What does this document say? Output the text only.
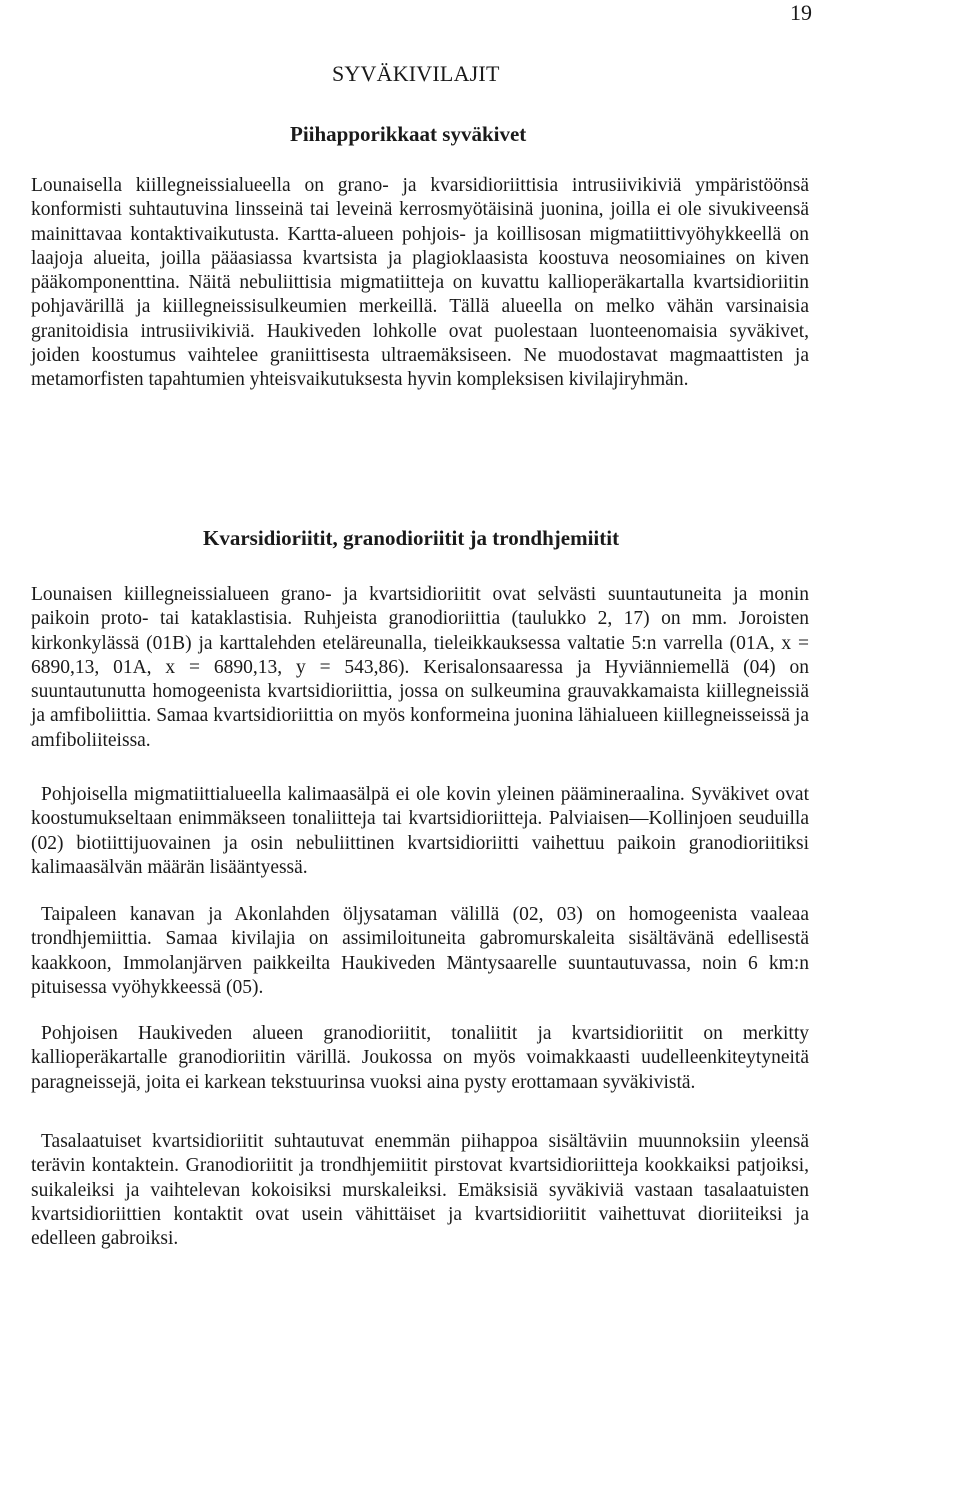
19
SYVÄKIVILAJIT
Piihapporikkaat syväkivet

Lounaisella kiillegneissialueella on grano- ja kvarsidioriittisia intrusiivikiviä ympäristöönsä konformisti suhtautuvina linsseinä tai leveinä kerrosmyötäisinä juonina, joilla ei ole sivukiveensä mainittavaa kontaktivaikutusta. Kartta-alueen pohjois- ja koillisosan migmatiittivyöhykkeellä on laajoja alueita, joilla pääasiassa kvartsista ja plagioklaasista koostuva neosomiaines on kiven pääkomponenttina. Näitä nebuliittisia migmatiitteja on kuvattu kallioperäkartalla kvartsidioriitin pohjavärillä ja kiillegneissisulkeumien merkeillä. Tällä alueella on melko vähän varsinaisia granitoidisia intrusiivikiviä. Haukiveden lohkolle ovat puolestaan luonteenomaisia syväkivet, joiden koostumus vaihtelee graniittisesta ultraemäksiseen. Ne muodostavat magmaattisten ja metamorfisten tapahtumien yhteisvaikutuksesta hyvin kompleksisen kivilajiryhmän.

Kvarsidioriitit, granodioriitit ja trondhjemiitit

Lounaisen kiillegneissialueen grano- ja kvartsidioriitit ovat selvästi suuntautuneita ja monin paikoin proto- tai kataklastisia. Ruhjeista granodioriittia (taulukko 2, 17) on mm. Joroisten kirkonkylässä (01B) ja karttalehden eteläreunalla, tieleikkauksessa valtatie 5:n varrella (01A, x = 6890,13, 01A, x = 6890,13, y = 543,86). Kerisalonsaaressa ja Hyviänniemellä (04) on suuntautunutta homogeenista kvartsidioriittia, jossa on sulkeumina grauvakkamaista kiillegneissiä ja amfiboliittia. Samaa kvartsidioriittia on myös konformeina juonina lähialueen kiillegneisseissä ja amfiboliiteissa.

Pohjoisella migmatiittialueella kalimaasälpä ei ole kovin yleinen päämineraalina. Syväkivet ovat koostumukseltaan enimmäkseen tonaliitteja tai kvartsidioriitteja. Palviaisen—Kollinjoen seuduilla (02) biotiittijuovainen ja osin nebuliittinen kvartsidioriitti vaihettuu paikoin granodioriitiksi kalimaasälvän määrän lisääntyessä.

Taipaleen kanavan ja Akonlahden öljysataman välillä (02, 03) on homogeenista vaaleaa trondhjemiittia. Samaa kivilajia on assimiloituneita gabromurskaleita sisältävänä edellisestä kaakkoon, Immolanjärven paikkeilta Haukiveden Mäntysaarelle suuntautuvassa, noin 6 km:n pituisessa vyöhykkeessä (05).

Pohjoisen Haukiveden alueen granodioriitit, tonaliitit ja kvartsidioriitit on merkitty kallioperäkartalle granodioriitin värillä. Joukossa on myös voimakkaasti uudelleenkiteytyneitä paragneissejä, joita ei karkean tekstuurinsa vuoksi aina pysty erottamaan syväkivistä.

Tasalaatuiset kvartsidioriitit suhtautuvat enemmän piihappoa sisältäviin muunnoksiin yleensä terävin kontaktein. Granodioriitit ja trondhjemiitit pirstovat kvartsidioriitteja kookkaiksi patjoiksi, suikaleiksi ja vaihtelevan kokoisiksi murskaleiksi. Emäksisiä syväkiviä vastaan tasalaatuisten kvartsidioriittien kontaktit ovat usein vähittäiset ja kvartsidioriitit vaihettuvat dioriiteiksi ja edelleen gabroiksi.
